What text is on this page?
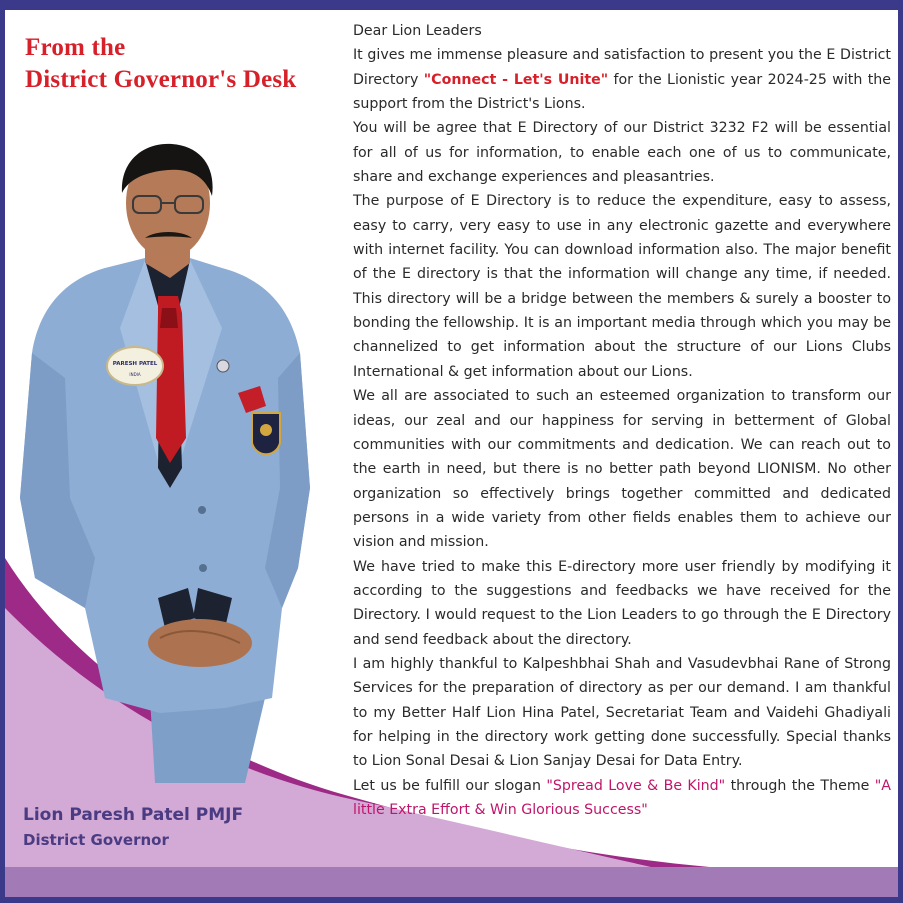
From the
District Governor's Desk
PARESH PATEL
INDIA
Lion Paresh Patel PMJF
District Governor

Dear Lion Leaders

It gives me immense pleasure and satisfaction to present you the E District Directory "Connect - Let's Unite" for the Lionistic year 2024-25 with the support from the District's Lions.

You will be agree that E Directory of our District 3232 F2 will be essential for all of us for information, to enable each one of us to communicate, share and exchange experiences and pleasantries.

The purpose of E Directory is to reduce the expenditure, easy to assess, easy to carry, very easy to use in any electronic gazette and everywhere with internet facility. You can download information also. The major benefit of the E directory is that the information will change any time, if needed. This directory will be a bridge between the members & surely a booster to bonding the fellowship. It is an important media through which you may be channelized to get information about the structure of our Lions Clubs International & get information about our Lions.

We all are associated to such an esteemed organization to transform our ideas, our zeal and our happiness for serving in betterment of Global communities with our commitments and dedication. We can reach out to the earth in need, but there is no better path beyond LIONISM. No other organization so effectively brings together committed and dedicated persons in a wide variety from other fields enables them to achieve our vision and mission.

We have tried to make this E-directory more user friendly by modifying it according to the suggestions and feedbacks we have received for the Directory. I would request to the Lion Leaders to go through the E Directory and send feedback about the directory.

I am highly thankful to Kalpeshbhai Shah and Vasudevbhai Rane of Strong Services for the preparation of directory as per our demand. I am thankful to my Better Half Lion Hina Patel, Secretariat Team and Vaidehi Ghadiyali for helping in the directory work getting done successfully. Special thanks to Lion Sonal Desai & Lion Sanjay Desai for Data Entry.

Let us be fulfill our slogan "Spread Love & Be Kind" through the Theme "A little Extra Effort & Win Glorious Success"
